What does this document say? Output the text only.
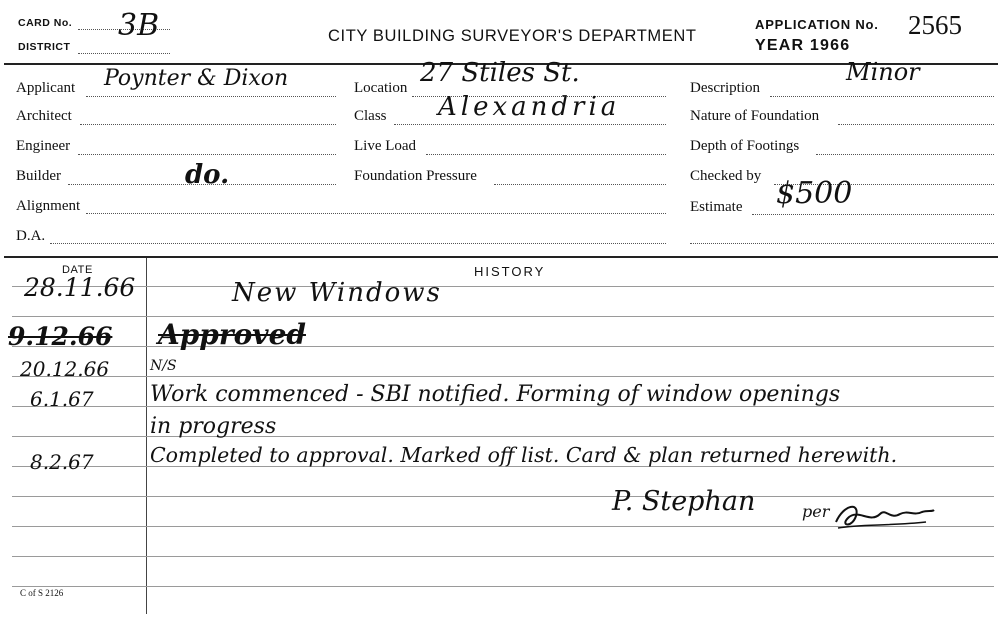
CARD No. 3B
DISTRICT
CITY BUILDING SURVEYOR'S DEPARTMENT
APPLICATION No. 2565
YEAR 1966
Applicant Poynter & Dixon
Architect
Engineer
Builder	do.
Alignment
D.A.
Location 27 Stiles St.
Class Alexandria
Live Load
Foundation Pressure
Description
Minor
Nature of Foundation
Depth of Footings
Checked by
Estimate $500
DATE	HISTORY
28.11.66	New Windows
9.12.66 Approved
20.12.66	N/S
6.1.67	Work commenced - SBI notified. Forming of window openings
in progress
8.2.67	Completed to approval. Marked off list. Card & plan returned herewith.
P. Stephan	per
C of S 2126
